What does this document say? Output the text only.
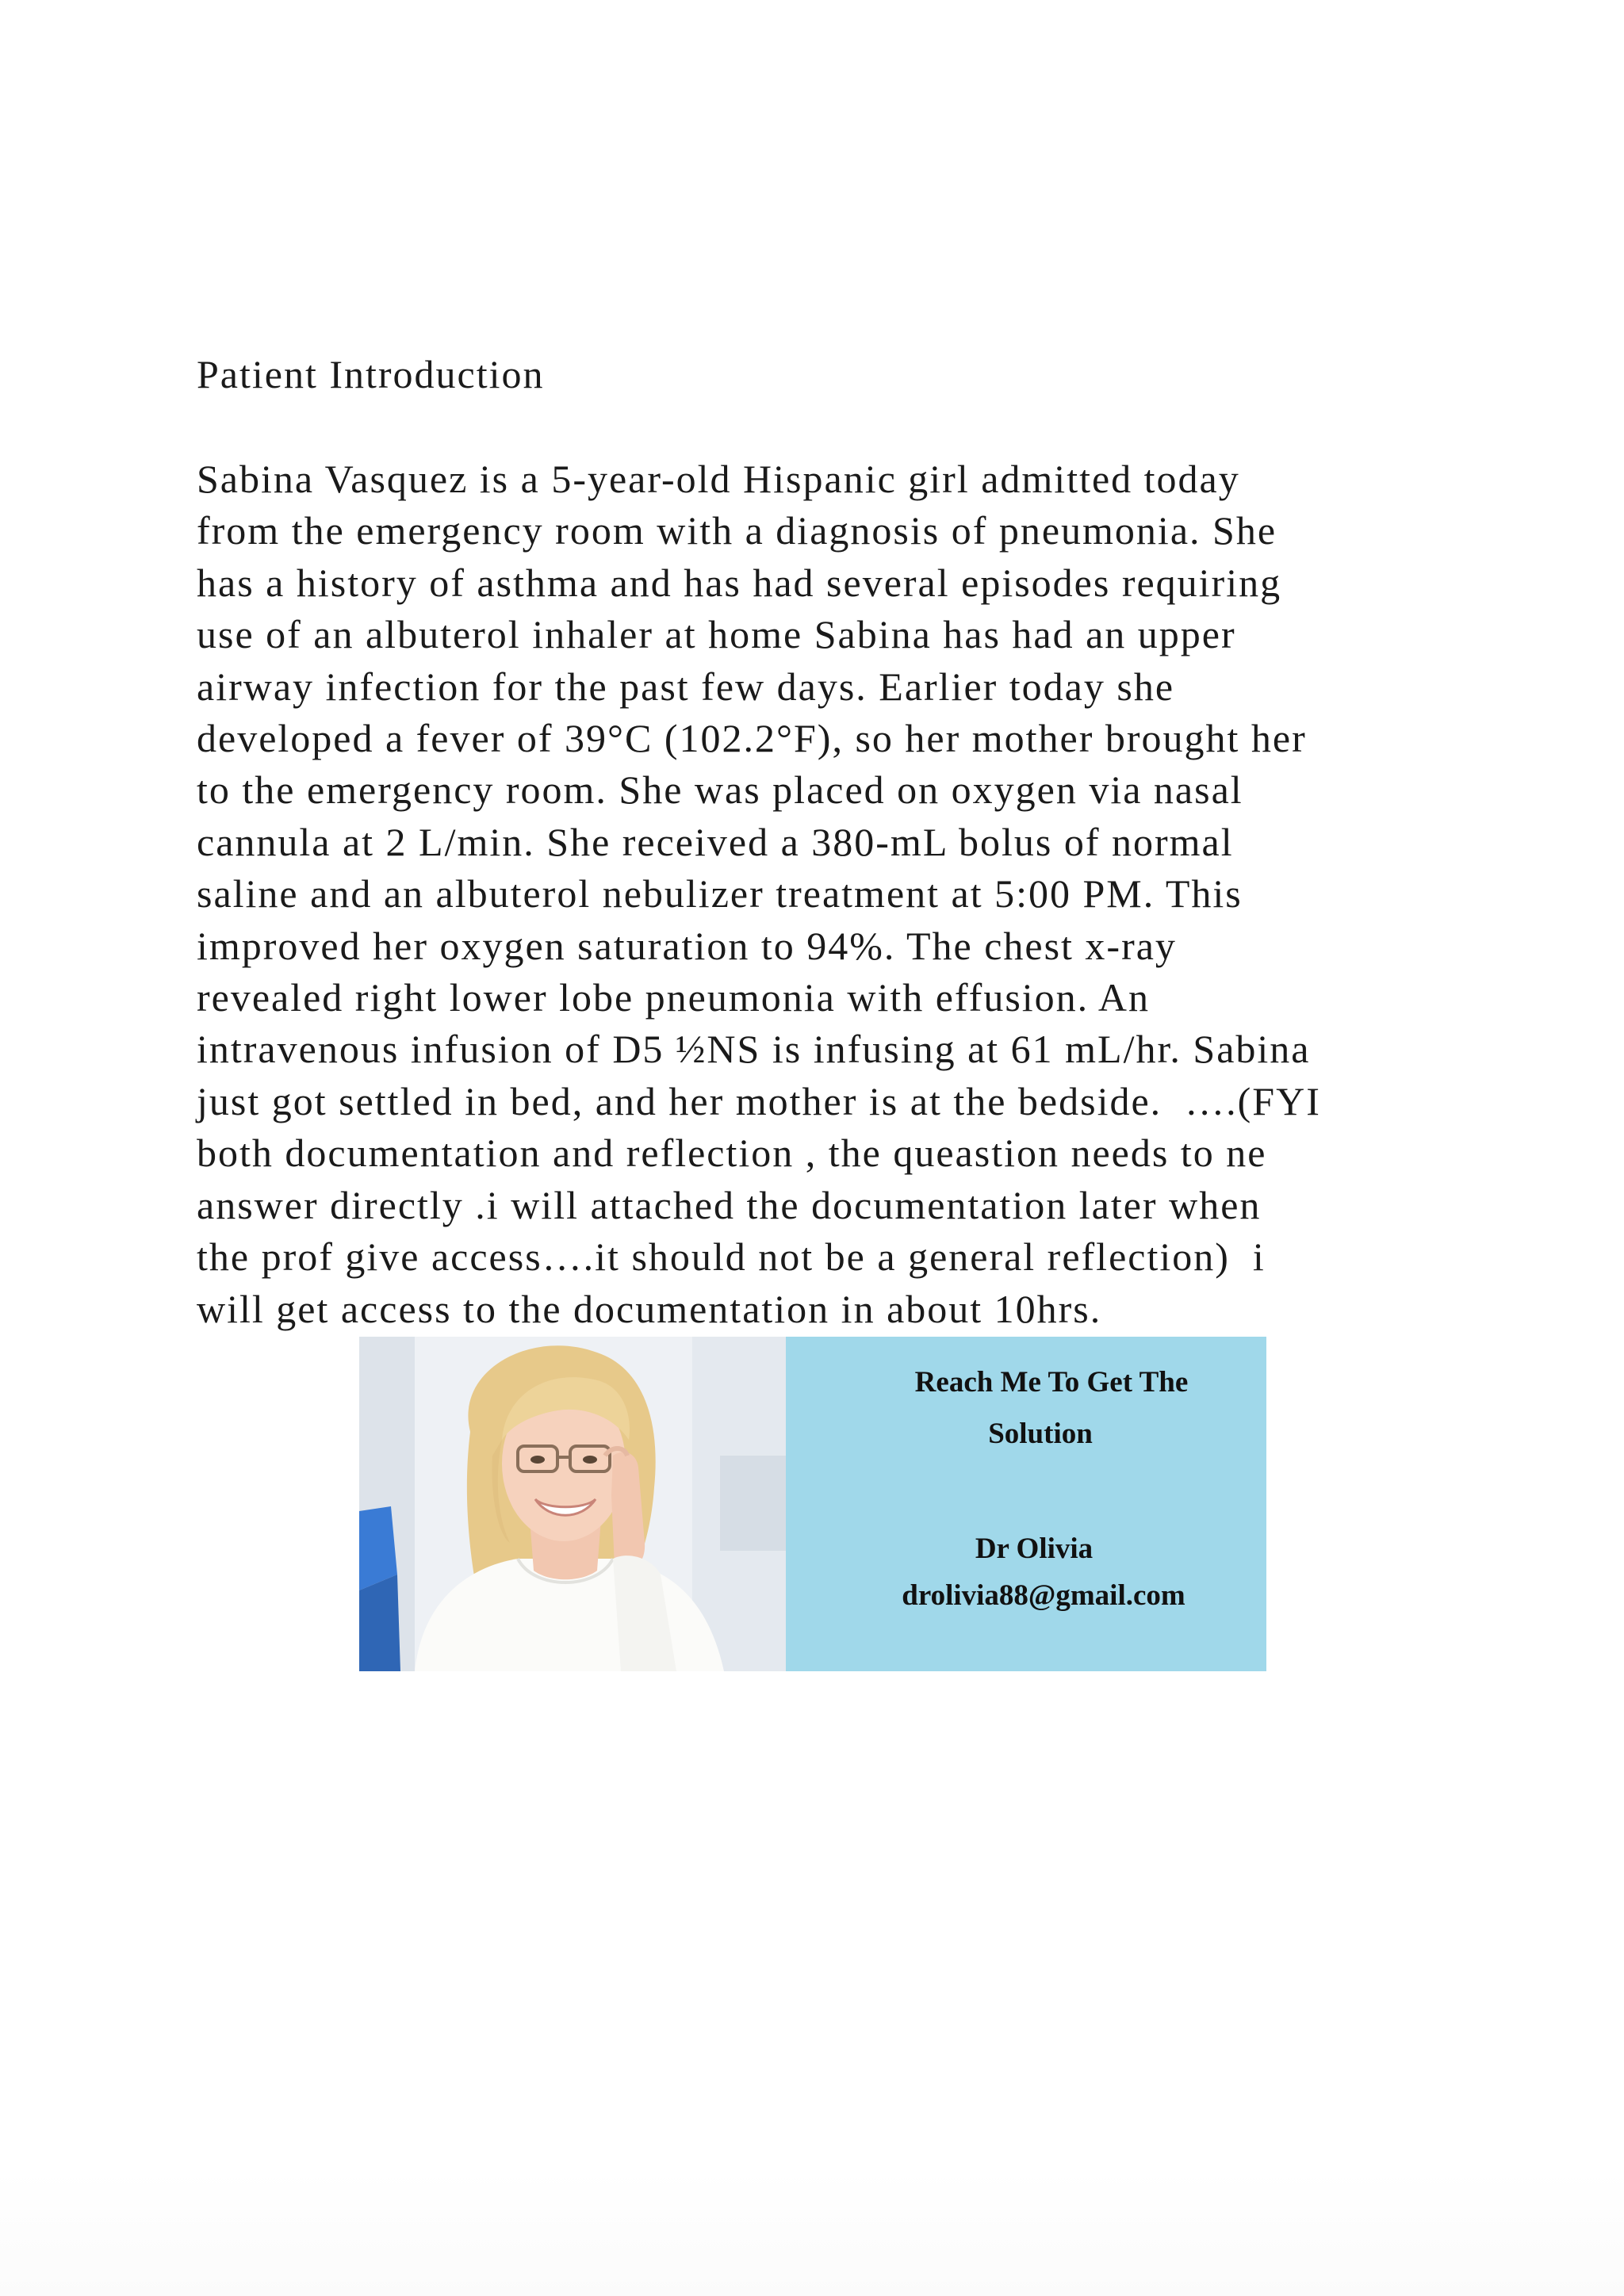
Patient Introduction
Sabina Vasquez is a 5-year-old Hispanic girl admitted today
from the emergency room with a diagnosis of pneumonia. She
has a history of asthma and has had several episodes requiring
use of an albuterol inhaler at home Sabina has had an upper
airway infection for the past few days. Earlier today she
developed a fever of 39°C (102.2°F), so her mother brought her
to the emergency room. She was placed on oxygen via nasal
cannula at 2 L/min. She received a 380-mL bolus of normal
saline and an albuterol nebulizer treatment at 5:00 PM. This
improved her oxygen saturation to 94%. The chest x-ray
revealed right lower lobe pneumonia with effusion. An
intravenous infusion of D5 ½NS is infusing at 61 mL/hr. Sabina
just got settled in bed, and her mother is at the bedside.  ….(FYI
both documentation and reflection , the queastion needs to ne
answer directly .i will attached the documentation later when
the prof give access….it should not be a general reflection)  i
will get access to the documentation in about 10hrs.

Reach Me To Get The

Solution

Dr Olivia

drolivia88@gmail.com
